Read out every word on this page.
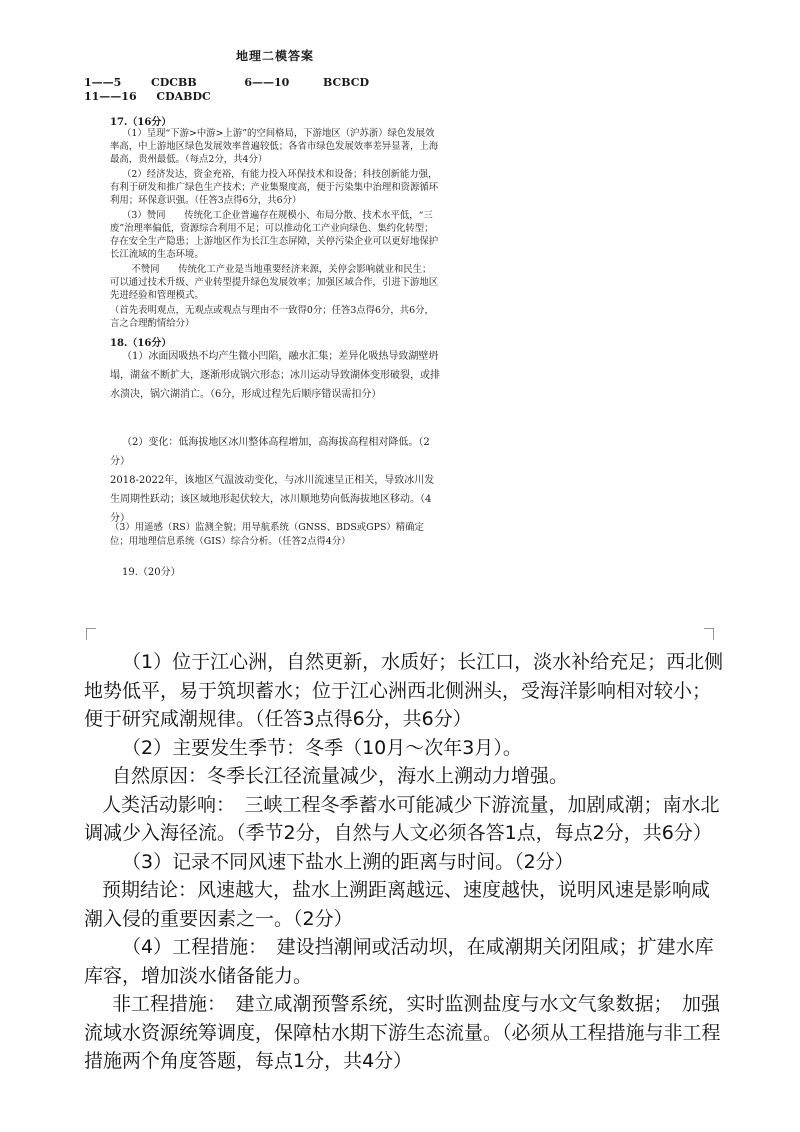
地理二模答案
1——5	CDCBB	6——10	BCBCD
11——16 CDABDC
17.（16分）

（1）呈现“下游>中游>上游”的空间格局，下游地区（沪苏浙）绿色发展效率高，中上游地区绿色发展效率普遍较低；各省市绿色发展效率差异显著，上海最高，贵州最低。（每点2分，共4分）

（2）经济发达，资金充裕，有能力投入环保技术和设备；科技创新能力强，有利于研发和推广绿色生产技术；产业集聚度高，便于污染集中治理和资源循环利用；环保意识强。（任答3点得6分，共6分）

（3）赞同　　传统化工企业普遍存在规模小、布局分散、技术水平低，“三废”治理率偏低，资源综合利用不足；可以推动化工产业向绿色、集约化转型；存在安全生产隐患；上游地区作为长江生态屏障，关停污染企业可以更好地保护长江流域的生态环境。

　不赞同　　传统化工产业是当地重要经济来源，关停会影响就业和民生；可以通过技术升级、产业转型提升绿色发展效率；加强区域合作，引进下游地区先进经验和管理模式。

（首先表明观点，无观点或观点与理由不一致得0分；任答3点得6分，共6分，言之合理酌情给分）

18.（16分）

（1）冰面因吸热不均产生微小凹陷，融水汇集；差异化吸热导致湖壁坍塌，湖盆不断扩大，逐渐形成锅穴形态；冰川运动导致湖体变形破裂，或排水溃决，锅穴湖消亡。（6分，形成过程先后顺序错误需扣分）

（2）变化：低海拔地区冰川整体高程增加，高海拔高程相对降低。（2分）

2018-2022年，该地区气温波动变化，与冰川流速呈正相关，导致冰川发生周期性跃动；该区域地形起伏较大，冰川顺地势向低海拔地区移动。（4分）

（3）用遥感（RS）监测全貌；用导航系统（GNSS、BDS或GPS）精确定位；用地理信息系统（GIS）综合分析。（任答2点得4分）

19.（20分）

（1）位于江心洲，自然更新，水质好；长江口，淡水补给充足；西北侧地势低平，易于筑坝蓄水；位于江心洲西北侧洲头，受海洋影响相对较小；便于研究咸潮规律。（任答3点得6分，共6分）

（2）主要发生季节：冬季（10月～次年3月）。

自然原因：冬季长江径流量减少，海水上溯动力增强。

人类活动影响：　三峡工程冬季蓄水可能减少下游流量，加剧咸潮；南水北调减少入海径流。（季节2分，自然与人文必须各答1点，每点2分，共6分）

（3）记录不同风速下盐水上溯的距离与时间。（2分）

预期结论：风速越大，盐水上溯距离越远、速度越快，说明风速是影响咸潮入侵的重要因素之一。（2分）

（4）工程措施：　建设挡潮闸或活动坝，在咸潮期关闭阻咸；扩建水库库容，增加淡水储备能力。

非工程措施：　建立咸潮预警系统，实时监测盐度与水文气象数据；　加强流域水资源统筹调度，保障枯水期下游生态流量。（必须从工程措施与非工程措施两个角度答题，每点1分，共4分）
